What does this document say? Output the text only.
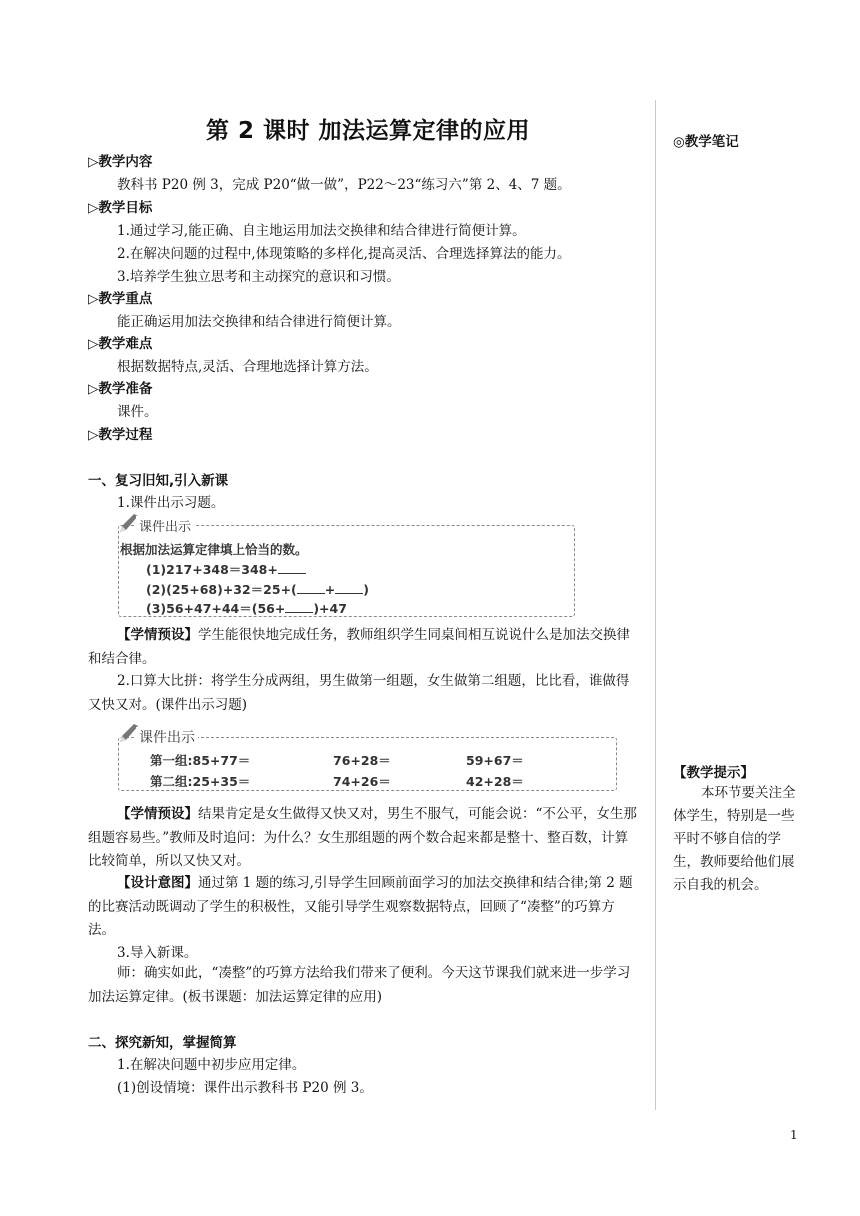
第 2 课时 加法运算定律的应用	◎教学笔记
【教学提示】
本环节要关注全体学生，特别是一些平时不够自信的学生，教师要给他们展示自我的机会。
▷教学内容
教科书 P20 例 3，完成 P20“做一做”，P22～23“练习六”第 2、4、7 题。
▷教学目标
1.通过学习,能正确、自主地运用加法交换律和结合律进行简便计算。
2.在解决问题的过程中,体现策略的多样化,提高灵活、合理选择算法的能力。
3.培养学生独立思考和主动探究的意识和习惯。
▷教学重点
能正确运用加法交换律和结合律进行简便计算。
▷教学难点
根据数据特点,灵活、合理地选择计算方法。
▷教学准备
课件。
▷教学过程
一、复习旧知,引入新课
1.课件出示习题。
课件出示
根据加法运算定律填上恰当的数。
(1)217+348＝348+
(2)(25+68)+32＝25+( + )
(3)56+47+44＝(56+ )+47
【学情预设】学生能很快地完成任务，教师组织学生同桌间相互说说什么是加法交换律和结合律。
2.口算大比拼：将学生分成两组，男生做第一组题，女生做第二组题，比比看，谁做得又快又对。(课件出示习题)
课件出示
第一组:85+77＝	76+28＝	59+67＝
第二组:25+35＝	74+26＝	42+28＝
【学情预设】结果肯定是女生做得又快又对，男生不服气，可能会说：“不公平，女生那组题容易些。”教师及时追问：为什么？女生那组题的两个数合起来都是整十、整百数，计算比较简单，所以又快又对。
【设计意图】通过第 1 题的练习,引导学生回顾前面学习的加法交换律和结合律;第 2 题的比赛活动既调动了学生的积极性，又能引导学生观察数据特点，回顾了“凑整”的巧算方法。
3.导入新课。
师：确实如此，“凑整”的巧算方法给我们带来了便利。今天这节课我们就来进一步学习加法运算定律。(板书课题：加法运算定律的应用)
二、探究新知，掌握简算
1.在解决问题中初步应用定律。
(1)创设情境：课件出示教科书 P20 例 3。
1
